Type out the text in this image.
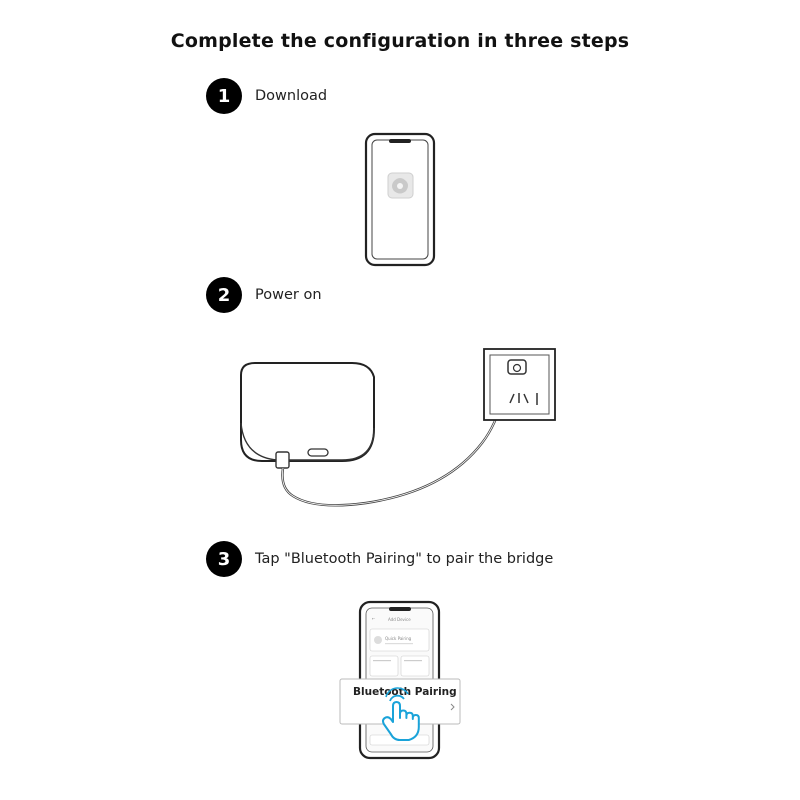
Complete the configuration in three steps
1	Download
2	Power on
3	Tap "Bluetooth Pairing" to pair the bridge
←	Add Device
Quick Pairing
Bluetooth Pairing
